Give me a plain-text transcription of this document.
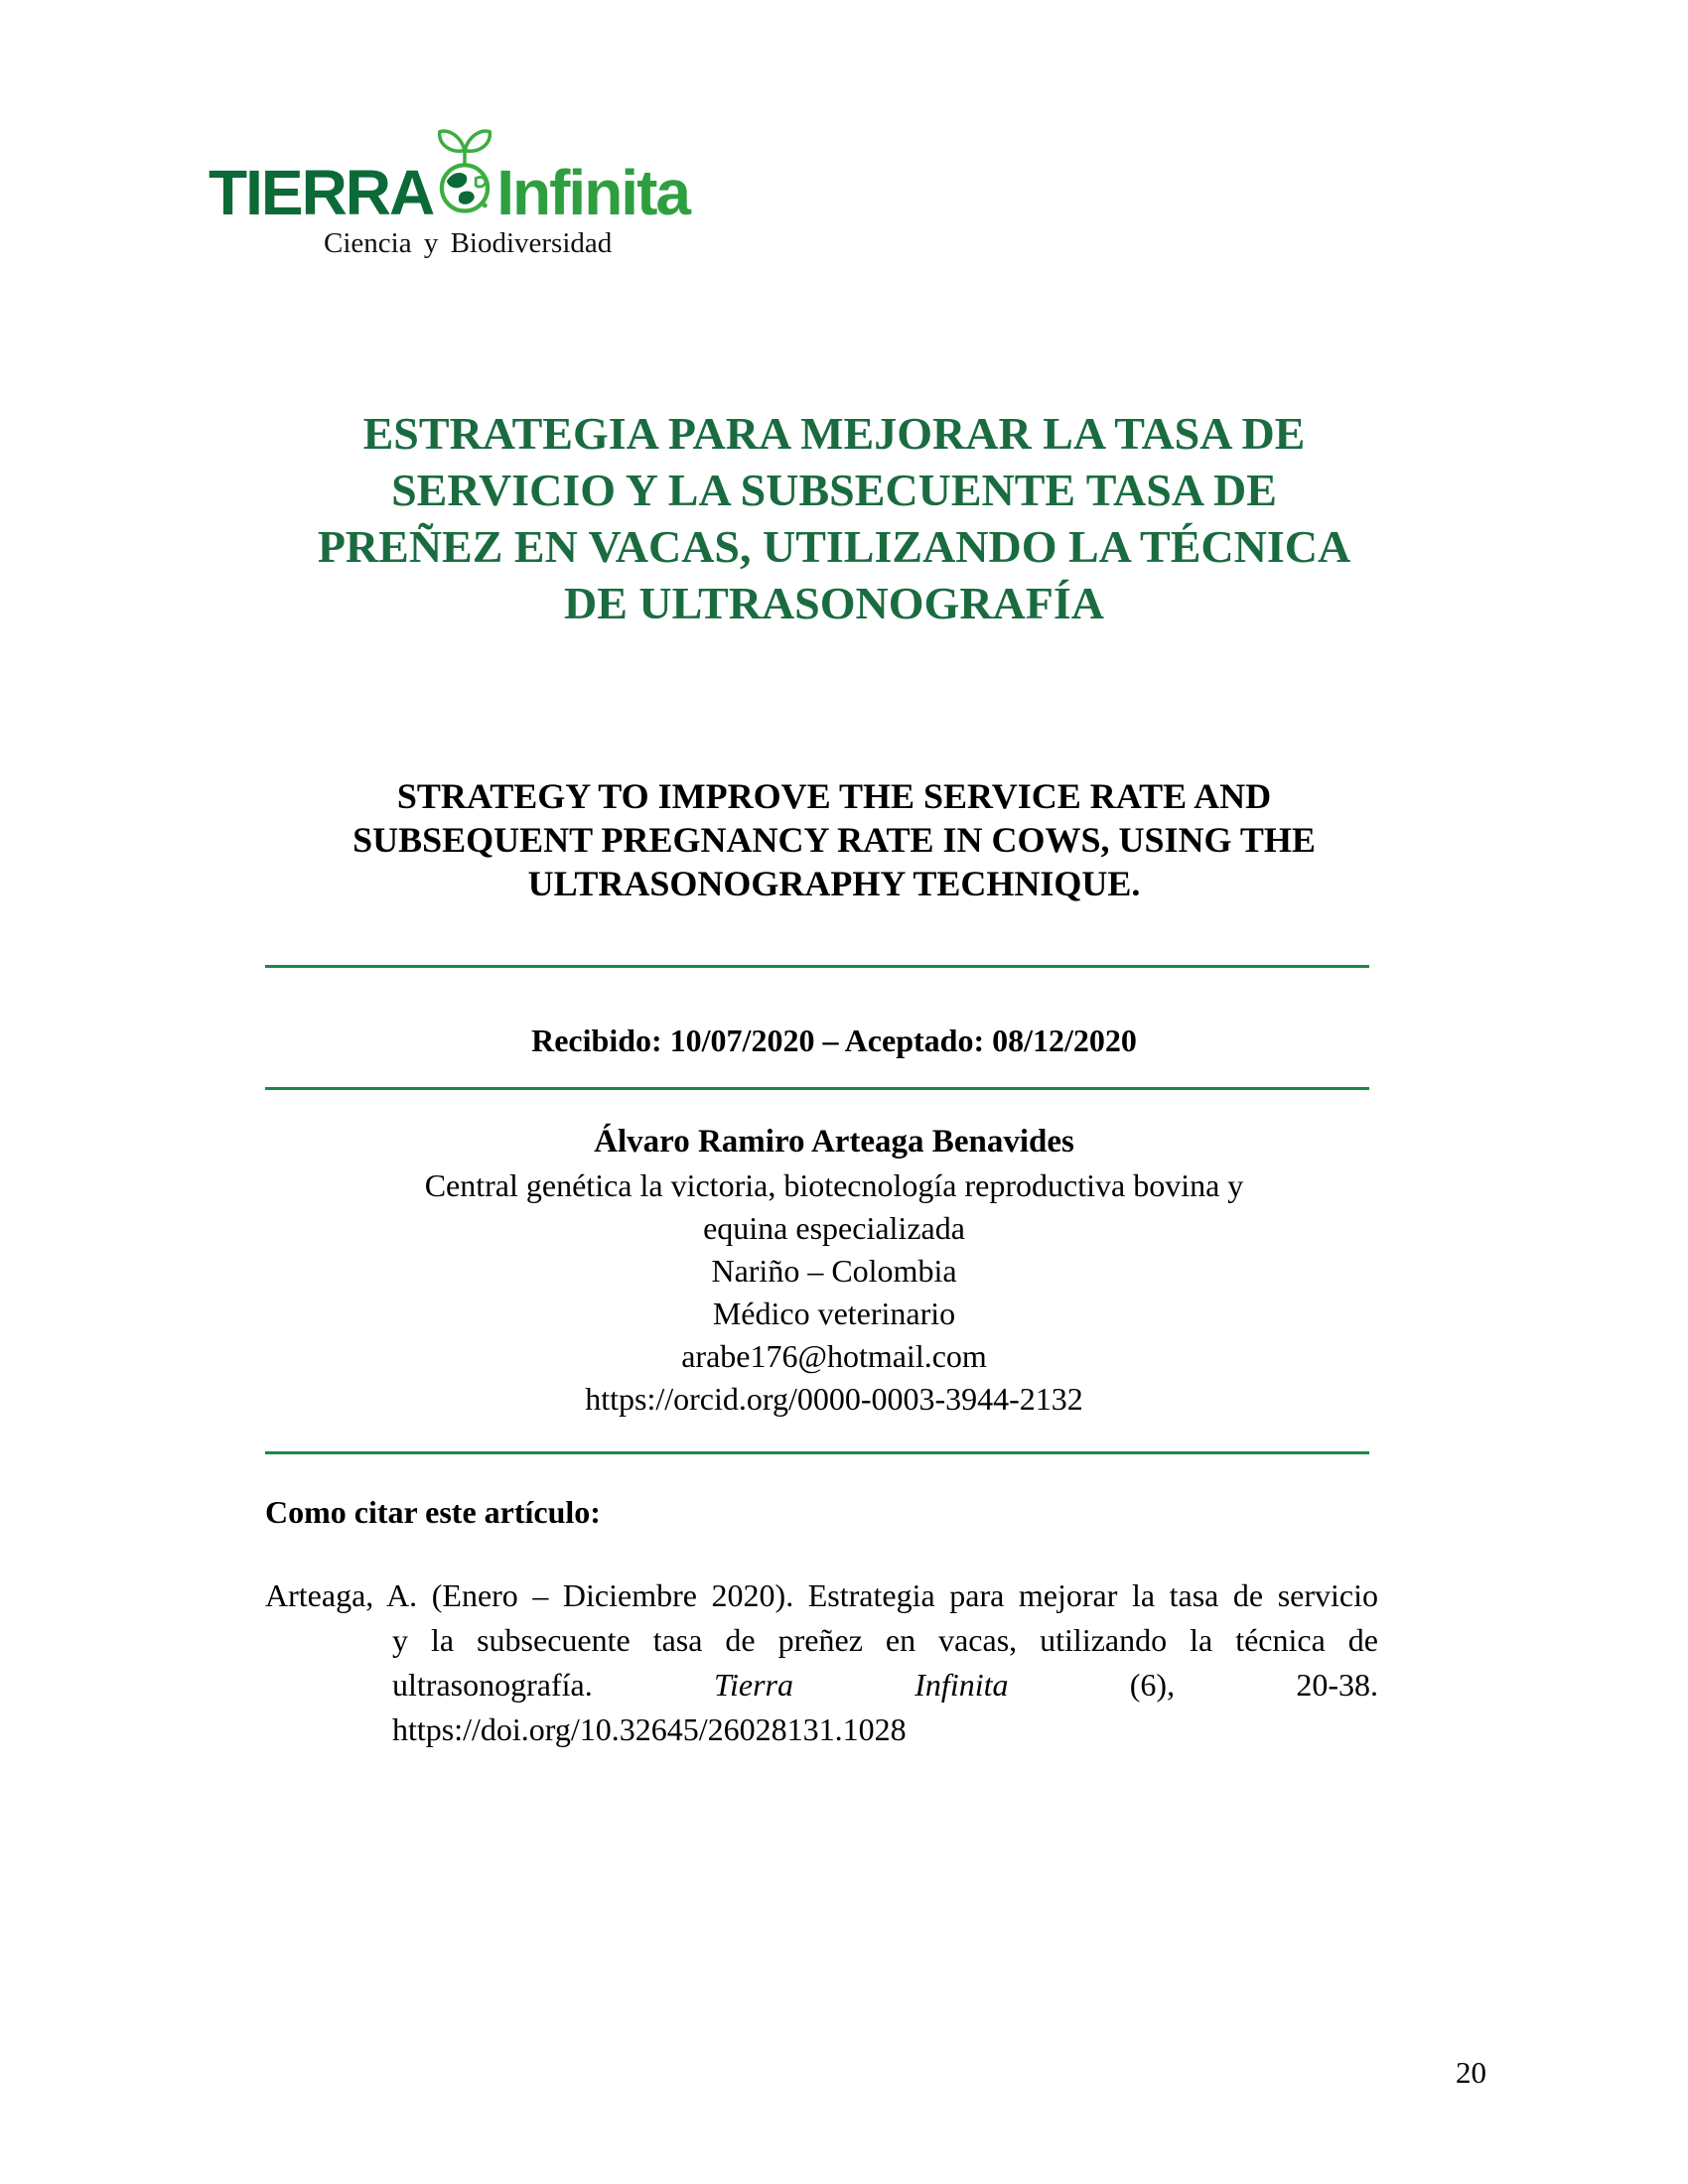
TIERRA Infinita
Ciencia y Biodiversidad
ESTRATEGIA PARA MEJORAR LA TASA DE
SERVICIO Y LA SUBSECUENTE TASA DE
PREÑEZ EN VACAS, UTILIZANDO LA TÉCNICA
DE ULTRASONOGRAFÍA
STRATEGY TO IMPROVE THE SERVICE RATE AND
SUBSEQUENT PREGNANCY RATE IN COWS, USING THE
ULTRASONOGRAPHY TECHNIQUE.
Recibido: 10/07/2020 – Aceptado: 08/12/2020
Álvaro Ramiro Arteaga Benavides
Central genética la victoria, biotecnología reproductiva bovina y
equina especializada
Nariño – Colombia
Médico veterinario
arabe176@hotmail.com
https://orcid.org/0000-0003-3944-2132
Como citar este artículo:
Arteaga, A. (Enero – Diciembre 2020). Estrategia para mejorar la tasa de servicio
y la subsecuente tasa de preñez en vacas, utilizando la técnica de
ultrasonografía.	Tierra	Infinita	(6),	20-38.
https://doi.org/10.32645/26028131.1028
20
